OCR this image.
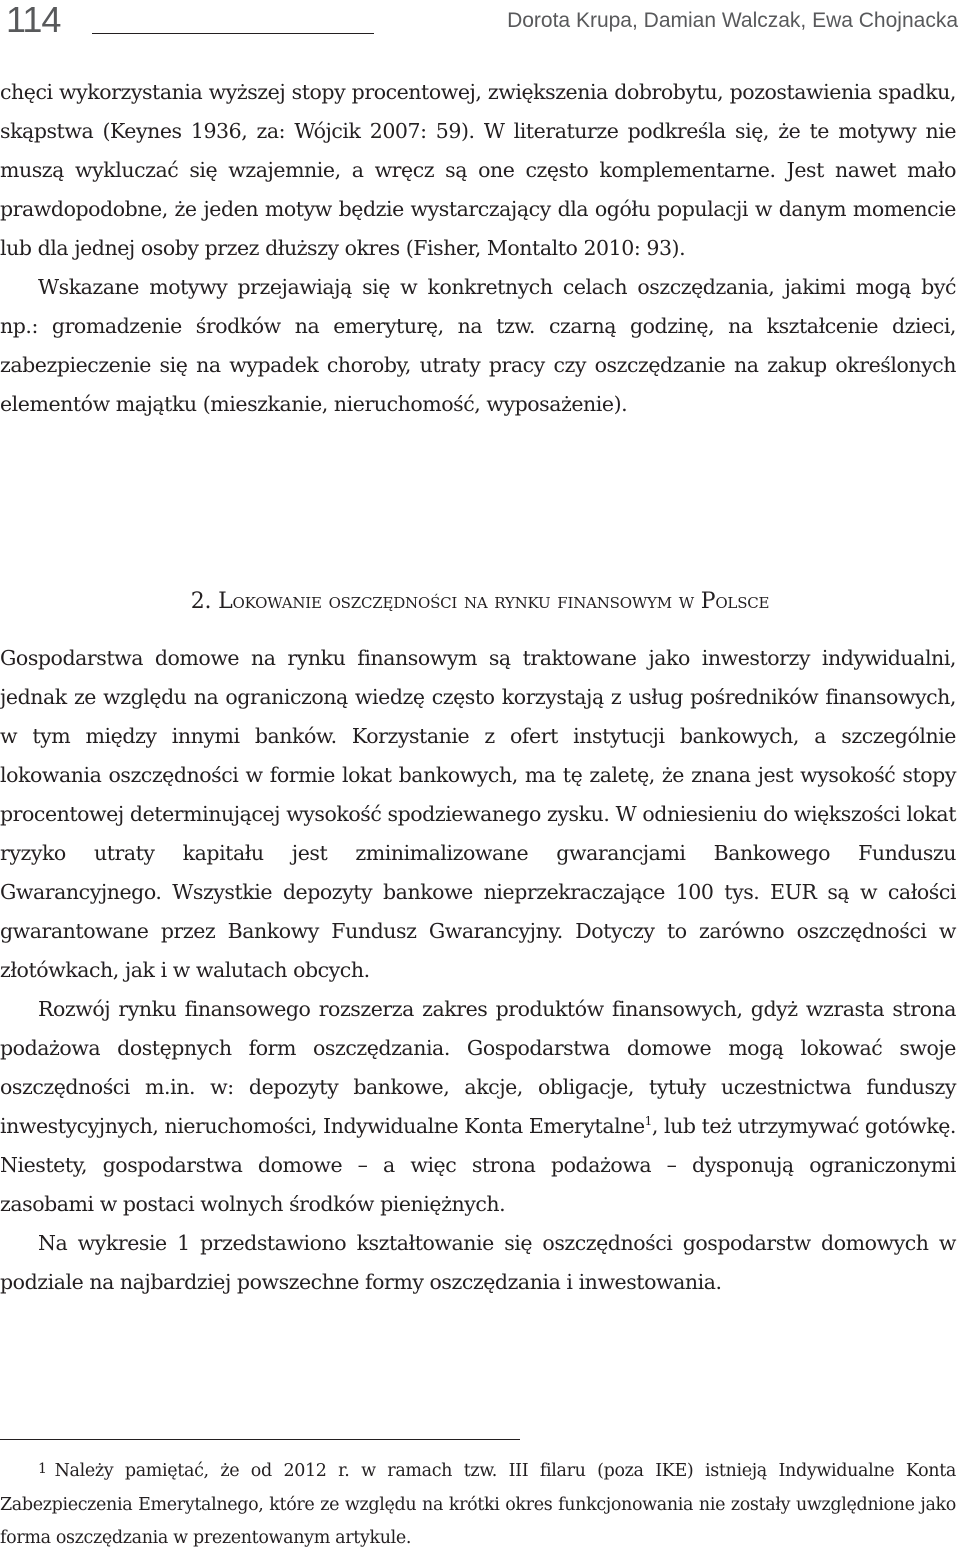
114	Dorota Krupa, Damian Walczak, Ewa Chojnacka

chęci wykorzystania wyższej stopy procentowej, zwiększenia dobrobytu, pozostawienia spadku, skąpstwa (Keynes 1936, za: Wójcik 2007: 59). W literaturze podkreśla się, że te motywy nie muszą wykluczać się wzajemnie, a wręcz są one często komplementarne. Jest nawet mało prawdopodobne, że jeden motyw będzie wystarczający dla ogółu populacji w danym momencie lub dla jednej osoby przez dłuższy okres (Fisher, Montalto 2010: 93).

Wskazane motywy przejawiają się w konkretnych celach oszczędzania, jakimi mogą być np.: gromadzenie środków na emeryturę, na tzw. czarną godzinę, na kształcenie dzieci, zabezpieczenie się na wypadek choroby, utraty pracy czy oszczędzanie na zakup określonych elementów majątku (mieszkanie, nieruchomość, wyposażenie).

2. Lokowanie oszczędności na rynku finansowym w Polsce

Gospodarstwa domowe na rynku finansowym są traktowane jako inwestorzy indywidualni, jednak ze względu na ograniczoną wiedzę często korzystają z usług pośredników finansowych, w tym między innymi banków. Korzystanie z ofert instytucji bankowych, a szczególnie lokowania oszczędności w formie lokat bankowych, ma tę zaletę, że znana jest wysokość stopy procentowej determinującej wysokość spodziewanego zysku. W odniesieniu do większości lokat ryzyko utraty kapitału jest zminimalizowane gwarancjami Bankowego Funduszu Gwarancyjnego. Wszystkie depozyty bankowe nieprzekraczające 100 tys. EUR są w całości gwarantowane przez Bankowy Fundusz Gwarancyjny. Dotyczy to zarówno oszczędności w złotówkach, jak i w walutach obcych.

Rozwój rynku finansowego rozszerza zakres produktów finansowych, gdyż wzrasta strona podażowa dostępnych form oszczędzania. Gospodarstwa domowe mogą lokować swoje oszczędności m.in. w: depozyty bankowe, akcje, obligacje, tytuły uczestnictwa funduszy inwestycyjnych, nieruchomości, Indywidualne Konta Emerytalne$^1$, lub też utrzymywać gotówkę. Niestety, gospodarstwa domowe – a więc strona podażowa – dysponują ograniczonymi zasobami w postaci wolnych środków pieniężnych.

Na wykresie 1 przedstawiono kształtowanie się oszczędności gospodarstw domowych w podziale na najbardziej powszechne formy oszczędzania i inwestowania.

1 Należy pamiętać, że od 2012 r. w ramach tzw. III filaru (poza IKE) istnieją Indywidualne Konta Zabezpieczenia Emerytalnego, które ze względu na krótki okres funkcjonowania nie zostały uwzględnione jako forma oszczędzania w prezentowanym artykule.
